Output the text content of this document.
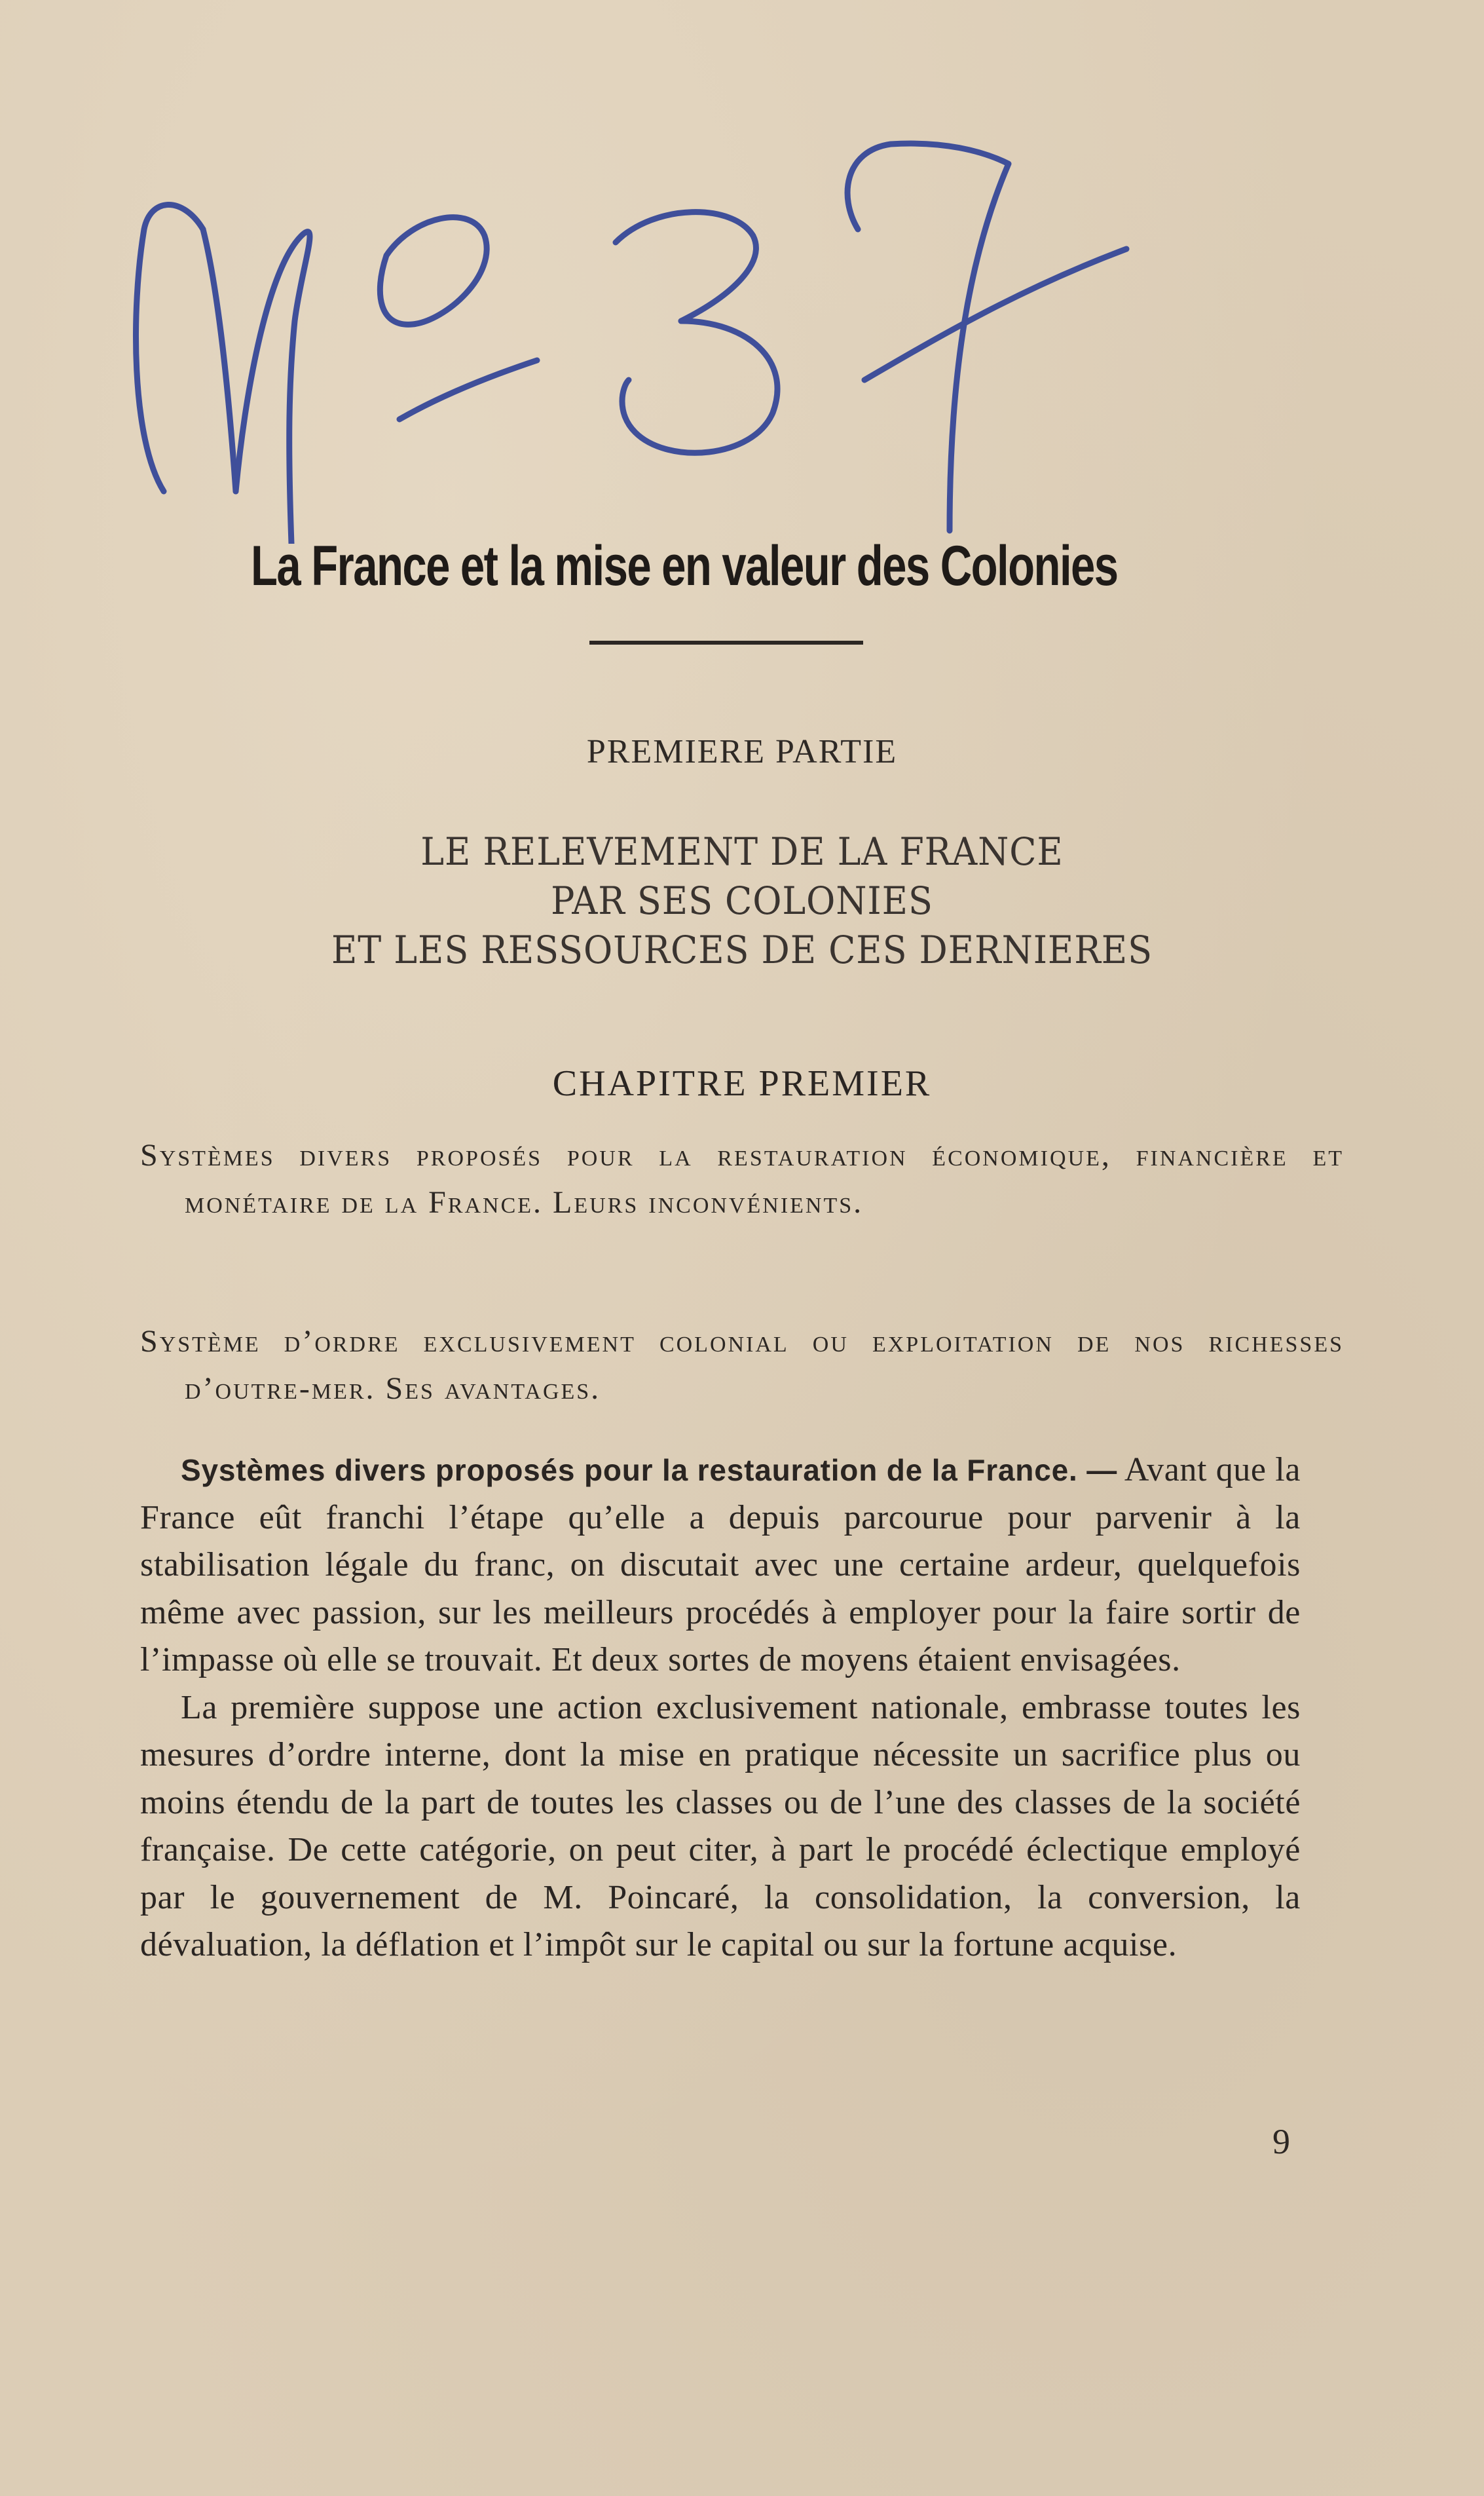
La France et la mise en valeur des Colonies
PREMIERE PARTIE
LE RELEVEMENT DE LA FRANCE
PAR SES COLONIES
ET LES RESSOURCES DE CES DERNIERES
CHAPITRE PREMIER

Systèmes divers proposés pour la restauration économique, financière et monétaire de la France. Leurs inconvénients.

Système d’ordre exclusivement colonial ou exploitation de nos richesses d’outre-mer. Ses avantages.

Systèmes divers proposés pour la restauration de la France. — Avant que la France eût franchi l’étape qu’elle a depuis parcourue pour parvenir à la stabilisation légale du franc, on discutait avec une certaine ardeur, quelquefois même avec passion, sur les meilleurs procédés à employer pour la faire sortir de l’impasse où elle se trouvait. Et deux sortes de moyens étaient envisagées.

La première suppose une action exclusivement nationale, embrasse toutes les mesures d’ordre interne, dont la mise en pratique nécessite un sacrifice plus ou moins étendu de la part de toutes les classes ou de l’une des classes de la société française. De cette catégorie, on peut citer, à part le procédé éclectique employé par le gouvernement de M. Poincaré, la consolidation, la conversion, la dévaluation, la déflation et l’impôt sur le capital ou sur la fortune acquise.

9
